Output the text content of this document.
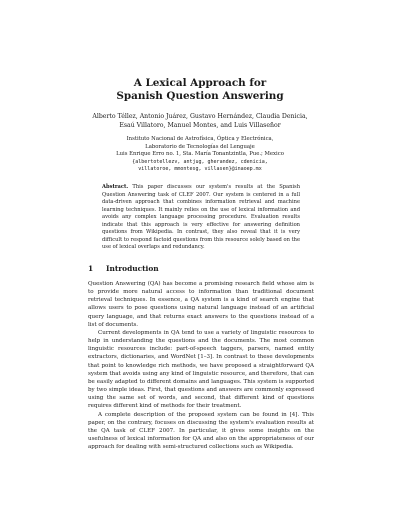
A Lexical Approach for
Spanish Question Answering
Alberto Téllez, Antonio Juárez, Gustavo Hernández, Claudia Denicia,
Esaú Villatoro, Manuel Montes, and Luis Villaseñor
Instituto Nacional de Astrofísica, Óptica y Electrónica,
Laboratorio de Tecnologías del Lenguaje
Luis Enrique Erro no. 1, Sta. María Tonantzintla, Pue.; Mexico
{albertotellezv, antjug, gherandez, cdenicia,
villatoroe, mmontesg, villasen}@inaoep.mx
Abstract. This paper discusses our system's results at the Spanish Question Answering task of CLEF 2007. Our system is centered in a full data-driven approach that combines information retrieval and machine learning techniques. It mainly relies on the use of lexical information and avoids any complex language processing procedure. Evaluation results indicate that this approach is very effective for answering definition questions from Wikipedia. In contrast, they also reveal that it is very difficult to respond factoid questions from this resource solely based on the use of lexical overlaps and redundancy.
1 Introduction

Question Answering (QA) has become a promising research field whose aim is to provide more natural access to information than traditional document retrieval techniques. In essence, a QA system is a kind of search engine that allows users to pose questions using natural language instead of an artificial query language, and that returns exact answers to the questions instead of a list of documents.

Current developments in QA tend to use a variety of linguistic resources to help in understanding the questions and the documents. The most common linguistic resources include: part-of-speech taggers, parsers, named entity extractors, dictionaries, and WordNet [1–3]. In contrast to these developments that point to knowledge rich methods, we have proposed a straightforward QA system that avoids using any kind of linguistic resource, and therefore, that can be easily adapted to different domains and languages. This system is supported by two simple ideas. First, that questions and answers are commonly expressed using the same set of words, and second, that different kind of questions requires different kind of methods for their treatment.

A complete description of the proposed system can be found in [4]. This paper, on the contrary, focuses on discussing the system's evaluation results at the QA task of CLEF 2007. In particular, it gives some insights on the usefulness of lexical information for QA and also on the appropriateness of our approach for dealing with semi-structured collections such as Wikipedia.
